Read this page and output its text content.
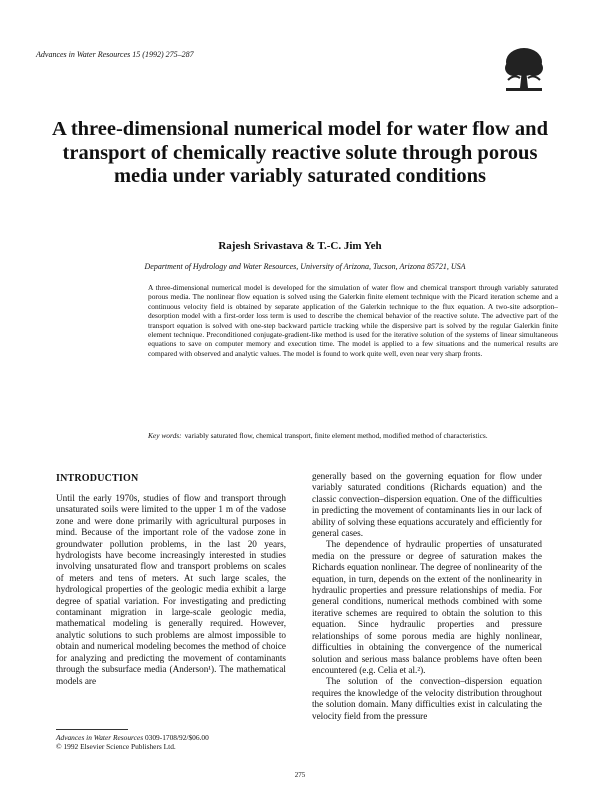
Advances in Water Resources 15 (1992) 275–287
A three-dimensional numerical model for water flow and transport of chemically reactive solute through porous media under variably saturated conditions
Rajesh Srivastava & T.-C. Jim Yeh
Department of Hydrology and Water Resources, University of Arizona, Tucson, Arizona 85721, USA
A three-dimensional numerical model is developed for the simulation of water flow and chemical transport through variably saturated porous media. The nonlinear flow equation is solved using the Galerkin finite element technique with the Picard iteration scheme and a continuous velocity field is obtained by separate application of the Galerkin technique to the flux equation. A two-site adsorption–desorption model with a first-order loss term is used to describe the chemical behavior of the reactive solute. The advective part of the transport equation is solved with one-step backward particle tracking while the dispersive part is solved by the regular Galerkin finite element technique. Preconditioned conjugate-gradient-like method is used for the iterative solution of the systems of linear simultaneous equations to save on computer memory and execution time. The model is applied to a few situations and the numerical results are compared with observed and analytic values. The model is found to work quite well, even near very sharp fronts.
Key words: variably saturated flow, chemical transport, finite element method, modified method of characteristics.
INTRODUCTION

Until the early 1970s, studies of flow and transport through unsaturated soils were limited to the upper 1 m of the vadose zone and were done primarily with agricultural purposes in mind. Because of the important role of the vadose zone in groundwater pollution problems, in the last 20 years, hydrologists have become increasingly interested in studies involving unsaturated flow and transport problems on scales of meters and tens of meters. At such large scales, the hydrological properties of the geologic media exhibit a large degree of spatial variation. For investigating and predicting contaminant migration in large-scale geologic media, mathematical modeling is generally required. However, analytic solutions to such problems are almost impossible to obtain and numerical modeling becomes the method of choice for analyzing and predicting the movement of contaminants through the subsurface media (Anderson¹). The mathematical models are

generally based on the governing equation for flow under variably saturated conditions (Richards equation) and the classic convection–dispersion equation. One of the difficulties in predicting the movement of contaminants lies in our lack of ability of solving these equations accurately and efficiently for general cases.

The dependence of hydraulic properties of unsaturated media on the pressure or degree of saturation makes the Richards equation nonlinear. The degree of nonlinearity of the equation, in turn, depends on the extent of the nonlinearity in hydraulic properties and pressure relationships of media. For general conditions, numerical methods combined with some iterative schemes are required to obtain the solution to this equation. Since hydraulic properties and pressure relationships of some porous media are highly nonlinear, difficulties in obtaining the convergence of the numerical solution and serious mass balance problems have often been encountered (e.g. Celia et al.²).

The solution of the convection–dispersion equation requires the knowledge of the velocity distribution throughout the solution domain. Many difficulties exist in calculating the velocity field from the pressure

Advances in Water Resources 0309-1708/92/$06.00
© 1992 Elsevier Science Publishers Ltd.
275
